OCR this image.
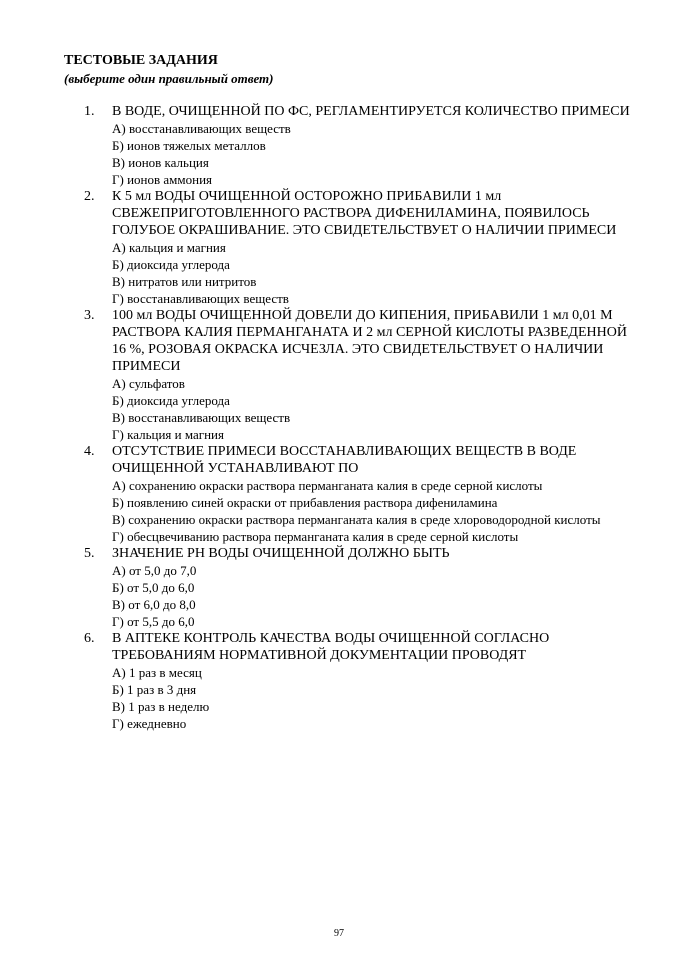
ТЕСТОВЫЕ ЗАДАНИЯ
(выберите один правильный ответ)
1. В ВОДЕ, ОЧИЩЕННОЙ ПО ФС, РЕГЛАМЕНТИРУЕТСЯ КОЛИЧЕСТВО ПРИМЕСИ
А) восстанавливающих веществ
Б) ионов тяжелых металлов
В) ионов кальция
Г) ионов аммония
2. К 5 мл ВОДЫ ОЧИЩЕННОЙ ОСТОРОЖНО ПРИБАВИЛИ 1 мл СВЕЖЕПРИГОТОВЛЕННОГО РАСТВОРА ДИФЕНИЛАМИНА, ПОЯВИЛОСЬ ГОЛУБОЕ ОКРАШИВАНИЕ. ЭТО СВИДЕТЕЛЬСТВУЕТ О НАЛИЧИИ ПРИМЕСИ
А) кальция и магния
Б) диоксида углерода
В) нитратов или нитритов
Г) восстанавливающих веществ
3. 100 мл ВОДЫ ОЧИЩЕННОЙ ДОВЕЛИ ДО КИПЕНИЯ, ПРИБАВИЛИ 1 мл 0,01 М РАСТВОРА КАЛИЯ ПЕРМАНГАНАТА И 2 мл СЕРНОЙ КИСЛОТЫ РАЗВЕДЕННОЙ 16 %, РОЗОВАЯ ОКРАСКА ИСЧЕЗЛА. ЭТО СВИДЕТЕЛЬСТВУЕТ О НАЛИЧИИ ПРИМЕСИ
А) сульфатов
Б) диоксида углерода
В) восстанавливающих веществ
Г) кальция и магния
4. ОТСУТСТВИЕ ПРИМЕСИ ВОССТАНАВЛИВАЮЩИХ ВЕЩЕСТВ В ВОДЕ ОЧИЩЕННОЙ УСТАНАВЛИВАЮТ ПО
А) сохранению окраски раствора перманганата калия в среде серной кислоты
Б) появлению синей окраски от прибавления раствора дифениламина
В) сохранению окраски раствора перманганата калия в среде хлороводородной кислоты
Г) обесцвечиванию раствора перманганата калия в среде серной кислоты
5. ЗНАЧЕНИЕ РН ВОДЫ ОЧИЩЕННОЙ ДОЛЖНО БЫТЬ
А) от 5,0 до 7,0
Б) от 5,0 до 6,0
В) от 6,0 до 8,0
Г) от 5,5 до 6,0
6. В АПТЕКЕ КОНТРОЛЬ КАЧЕСТВА ВОДЫ ОЧИЩЕННОЙ СОГЛАСНО ТРЕБОВАНИЯМ НОРМАТИВНОЙ ДОКУМЕНТАЦИИ ПРОВОДЯТ
А) 1 раз в месяц
Б) 1 раз в 3 дня
В) 1 раз в неделю
Г) ежедневно
97
